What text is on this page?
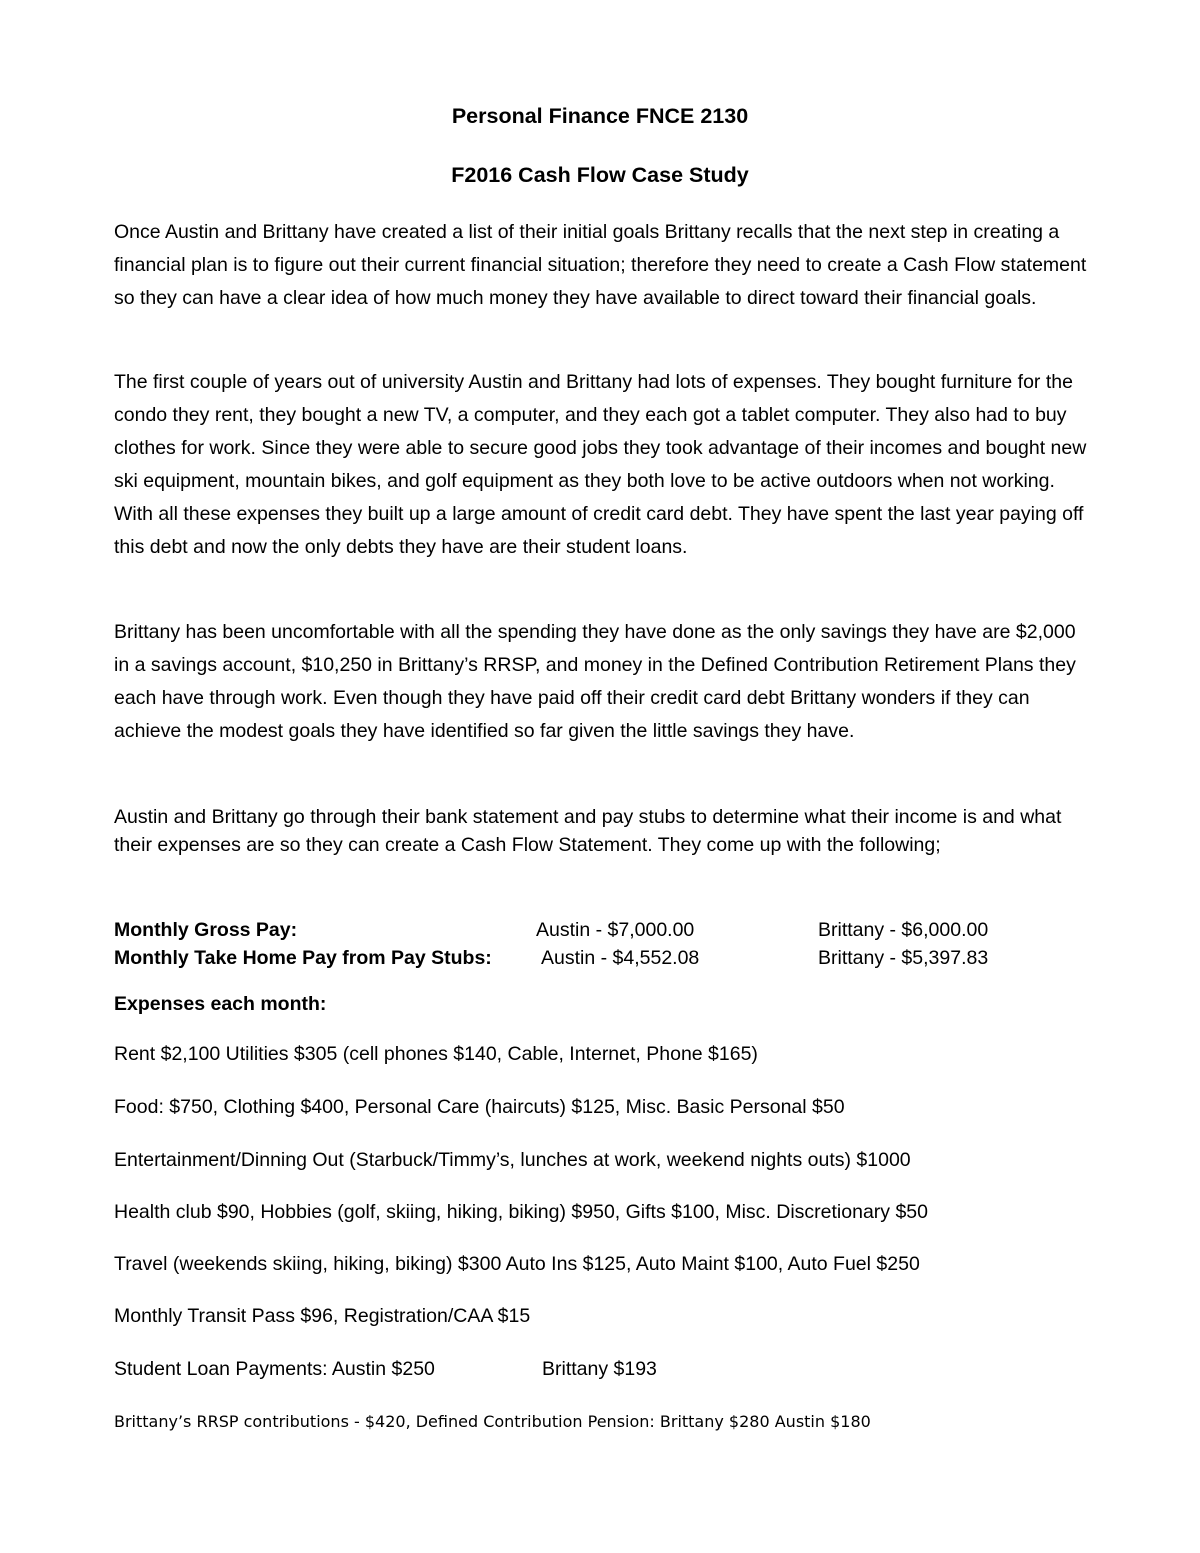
Personal Finance FNCE 2130
F2016 Cash Flow Case Study

Once Austin and Brittany have created a list of their initial goals Brittany recalls that the next step in creating a financial plan is to figure out their current financial situation; therefore they need to create a Cash Flow statement so they can have a clear idea of how much money they have available to direct toward their financial goals.

The first couple of years out of university Austin and Brittany had lots of expenses. They bought furniture for the condo they rent, they bought a new TV, a computer, and they each got a tablet computer. They also had to buy clothes for work. Since they were able to secure good jobs they took advantage of their incomes and bought new ski equipment, mountain bikes, and golf equipment as they both love to be active outdoors when not working. With all these expenses they built up a large amount of credit card debt. They have spent the last year paying off this debt and now the only debts they have are their student loans.

Brittany has been uncomfortable with all the spending they have done as the only savings they have are $2,000 in a savings account, $10,250 in Brittany’s RRSP, and money in the Defined Contribution Retirement Plans they each have through work. Even though they have paid off their credit card debt Brittany wonders if they can achieve the modest goals they have identified so far given the little savings they have.

Austin and Brittany go through their bank statement and pay stubs to determine what their income is and what their expenses are so they can create a Cash Flow Statement. They come up with the following;

Monthly Gross Pay:	Austin - $7,000.00	Brittany - $6,000.00
Monthly Take Home Pay from Pay Stubs:	Austin - $4,552.08	Brittany - $5,397.83
Expenses each month:
Rent $2,100 Utilities $305 (cell phones $140, Cable, Internet, Phone $165)
Food: $750, Clothing $400, Personal Care (haircuts) $125, Misc. Basic Personal $50
Entertainment/Dinning Out (Starbuck/Timmy’s, lunches at work, weekend nights outs) $1000
Health club $90, Hobbies (golf, skiing, hiking, biking) $950, Gifts $100, Misc. Discretionary $50
Travel (weekends skiing, hiking, biking) $300 Auto Ins $125, Auto Maint $100, Auto Fuel $250
Monthly Transit Pass $96, Registration/CAA $15
Student Loan Payments: Austin $250	Brittany $193
Brittany’s RRSP contributions - $420, Defined Contribution Pension: Brittany $280 Austin $180
